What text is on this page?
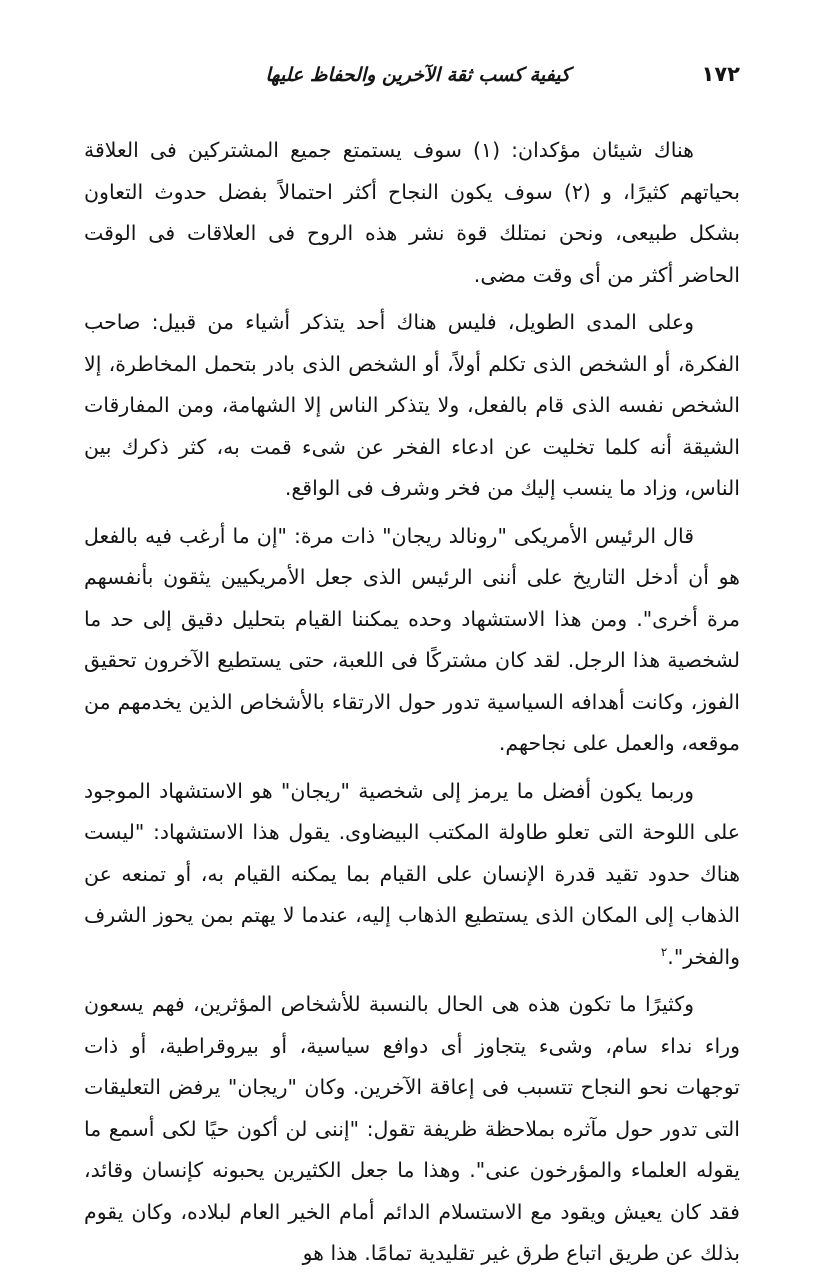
١٧٢
كيفية كسب ثقة الآخرين والحفاظ عليها

هناك شيئان مؤكدان: (١) سوف يستمتع جميع المشتركين فى العلاقة بحياتهم كثيرًا، و (٢) سوف يكون النجاح أكثر احتمالاً بفضل حدوث التعاون بشكل طبيعى، ونحن نمتلك قوة نشر هذه الروح فى العلاقات فى الوقت الحاضر أكثر من أى وقت مضى.

وعلى المدى الطويل، فليس هناك أحد يتذكر أشياء من قبيل: صاحب الفكرة، أو الشخص الذى تكلم أولاً، أو الشخص الذى بادر بتحمل المخاطرة، إلا الشخص نفسه الذى قام بالفعل، ولا يتذكر الناس إلا الشهامة، ومن المفارقات الشيقة أنه كلما تخليت عن ادعاء الفخر عن شىء قمت به، كثر ذكرك بين الناس، وزاد ما ينسب إليك من فخر وشرف فى الواقع.

قال الرئيس الأمريكى "رونالد ريجان" ذات مرة: "إن ما أرغب فيه بالفعل هو أن أدخل التاريخ على أننى الرئيس الذى جعل الأمريكيين يثقون بأنفسهم مرة أخرى". ومن هذا الاستشهاد وحده يمكننا القيام بتحليل دقيق إلى حد ما لشخصية هذا الرجل. لقد كان مشتركًا فى اللعبة، حتى يستطيع الآخرون تحقيق الفوز، وكانت أهدافه السياسية تدور حول الارتقاء بالأشخاص الذين يخدمهم من موقعه، والعمل على نجاحهم.

وربما يكون أفضل ما يرمز إلى شخصية "ريجان" هو الاستشهاد الموجود على اللوحة التى تعلو طاولة المكتب البيضاوى. يقول هذا الاستشهاد: "ليست هناك حدود تقيد قدرة الإنسان على القيام بما يمكنه القيام به، أو تمنعه عن الذهاب إلى المكان الذى يستطيع الذهاب إليه، عندما لا يهتم بمن يحوز الشرف والفخر".$^٢$

وكثيرًا ما تكون هذه هى الحال بالنسبة للأشخاص المؤثرين، فهم يسعون وراء نداء سام، وشىء يتجاوز أى دوافع سياسية، أو بيروقراطية، أو ذات توجهات نحو النجاح تتسبب فى إعاقة الآخرين. وكان "ريجان" يرفض التعليقات التى تدور حول مآثره بملاحظة ظريفة تقول: "إننى لن أكون حيًا لكى أسمع ما يقوله العلماء والمؤرخون عنى". وهذا ما جعل الكثيرين يحبونه كإنسان وقائد، فقد كان يعيش ويقود مع الاستسلام الدائم أمام الخير العام لبلاده، وكان يقوم بذلك عن طريق اتباع طرق غير تقليدية تمامًا. هذا هو
